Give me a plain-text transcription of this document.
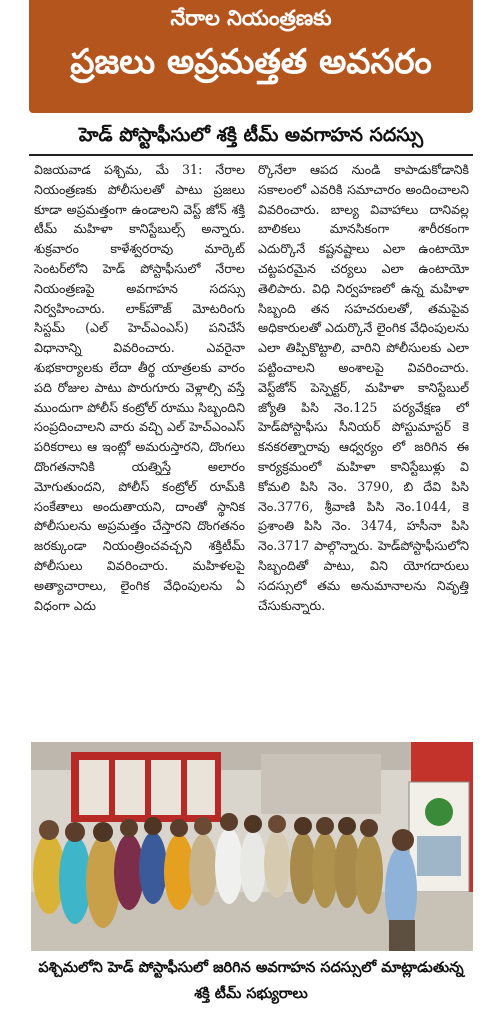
నేరాల నియంత్రణకు
ప్రజలు అప్రమత్తత అవసరం
హెడ్ పోస్టాఫీసులో శక్తి టీమ్ అవగాహన సదస్సు

విజయవాడ పశ్చిమ, మే 31: నేరాల నియంత్రణకు పోలీసులతో పాటు ప్రజలు కూడా అప్రమత్తంగా ఉండాలని వెస్ట్ జోన్ శక్తి టీమ్ మహిళా కానిస్టేబుల్స్ అన్నారు. శుక్రవారం కాళేశ్వరరావు మార్కెట్ సెంటర్‌లోని హెడ్ పోస్టాఫీసులో నేరాల నియంత్రణపై అవగాహన సదస్సు నిర్వహించారు. లాక్‌హౌజ్ మోటరింగు సిస్టమ్ (ఎల్ హెచ్ఎంఎస్) పనిచేసే విధానాన్ని వివరించారు. ఎవరైనా శుభకార్యాలకు లేదా తీర్థ యాత్రలకు వారం పది రోజుల పాటు పొరుగూరు వెళ్లాల్సి వస్తే ముందుగా పోలీస్ కంట్రోల్ రూము సిబ్బందిని సంప్రదించాలని వారు వచ్చి ఎల్ హెచ్ఎంఎస్ పరికరాలు ఆ ఇంట్లో అమరుస్తారని, దొంగలు దొంగతనానికి యత్నిస్తే అలారం మోగుతుందని, పోలీస్ కంట్రోల్ రూమ్‌కి సంకేతాలు అందుతాయని, దాంతో స్థానిక పోలీసులను అప్రమత్తం చేస్తారని దొంగతనం జరక్కుండా నియంత్రించవచ్చని శక్తిటీమ్ పోలీసులు వివరించారు. మహిళలపై అత్యాచారాలు, లైంగిక వేధింపులను ఏ విధంగా ఎదు

ర్కొనేలా ఆపద నుండి కాపాడుకోడానికి సకాలంలో ఎవరికి సమాచారం అందించాలని వివరించారు. బాల్య వివాహాలు దానివల్ల బాలికలు మానసికంగా శారీరకంగా ఎదుర్కొనే కష్టనష్టాలు ఎలా ఉంటాయో చట్టపరమైన చర్యలు ఎలా ఉంటాయో తెలిపారు. విధి నిర్వహణలో ఉన్న మహిళా సిబ్బంది తన సహచరులతో, తమపైవ అధికారులతో ఎదుర్కొనే లైంగిక వేధింపులను ఎలా తిప్పికొట్టాలి, వారిని పోలీసులకు ఎలా పట్టించాలని అంశాలపై వివరించారు. వెస్ట్‌జోన్ పెస్పెక్టర్, మహిళా కానిస్టేబుల్ జ్యోతి పిసి నెం.125 పర్యవేక్షణ లో హెడ్‌పోస్టాఫీసు సీనియర్ పోస్టుమాస్టర్ కె కనకరత్నారావు ఆధ్వర్యం లో జరిగిన ఈ కార్యక్రమంలో మహిళా కానిస్టేబుళ్లు వి కోమలి పిసి నెం. 3790, బి దేవి పిసి నెం.3776, శ్రీవాణి పిసి నెం.1044, కె ప్రశాంతి పిసి నెం. 3474, హసీనా పిసి నెం.3717 పాల్గొన్నారు. హెడ్‌పోస్టాఫీసులోని సిబ్బందితో పాటు, విని యోగదారులు సదస్సులో తమ అనుమానాలను నివృత్తి చేసుకున్నారు.

పశ్చిమలోని హెడ్ పోస్టాఫీసులో జరిగిన అవగాహన సదస్సులో మాట్లాడుతున్న శక్తి టీమ్ సభ్యురాలు
